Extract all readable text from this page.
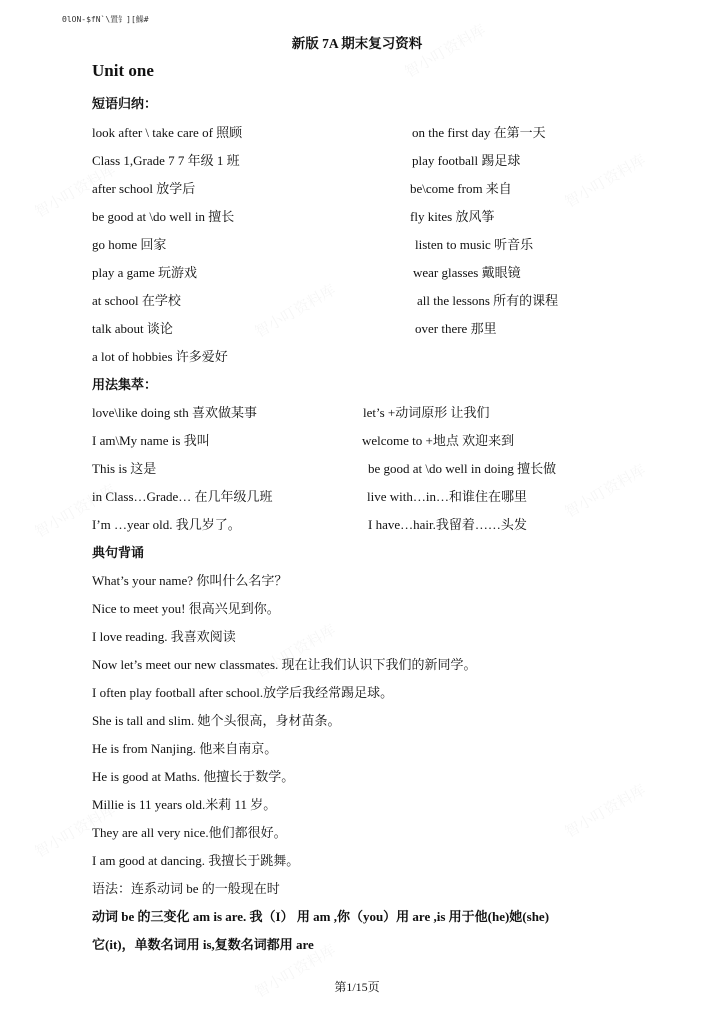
ΘlON-$fN`\置钅][鱢#
新版 7A 期末复习资料
Unit one
短语归纳：
look after \ take care of 照顾
Class 1,Grade 7 7 年级 1 班
after school 放学后
be good at \do well in 擅长
go home 回家
play a game 玩游戏
at school 在学校
talk about 谈论
a lot of hobbies 许多爱好
on the first day 在第一天
play football 踢足球
be\come from 来自
fly kites 放风筝
listen to music 听音乐
wear glasses 戴眼镜
all the lessons 所有的课程
over there 那里
用法集萃：
love\like doing sth 喜欢做某事
I am\My name is 我叫
This is 这是
in Class…Grade… 在几年级几班
I’m …year old. 我几岁了。
let’s +动词原形 让我们
welcome to +地点 欢迎来到
be good at \do well in doing 擅长做
live with…in…和谁住在哪里
I have…hair.我留着……头发
典句背诵
What’s your name? 你叫什么名字？
Nice to meet you! 很高兴见到你。
I love reading. 我喜欢阅读
Now let’s meet our new classmates. 现在让我们认识下我们的新同学。
I often play football after school.放学后我经常踢足球。
She is tall and slim. 她个头很高，身材苗条。
He is from Nanjing. 他来自南京。
He is good at Maths. 他擅长于数学。
Millie is 11 years old.米莉 11 岁。
They are all very nice.他们都很好。
I am good at dancing. 我擅长于跳舞。
语法：连系动词 be 的一般现在时
动词 be 的三变化 am is are. 我（I） 用 am ,你（you）用 are ,is 用于他(he)她(she)
它(it)，单数名词用 is,复数名词都用 are
第1/15页
